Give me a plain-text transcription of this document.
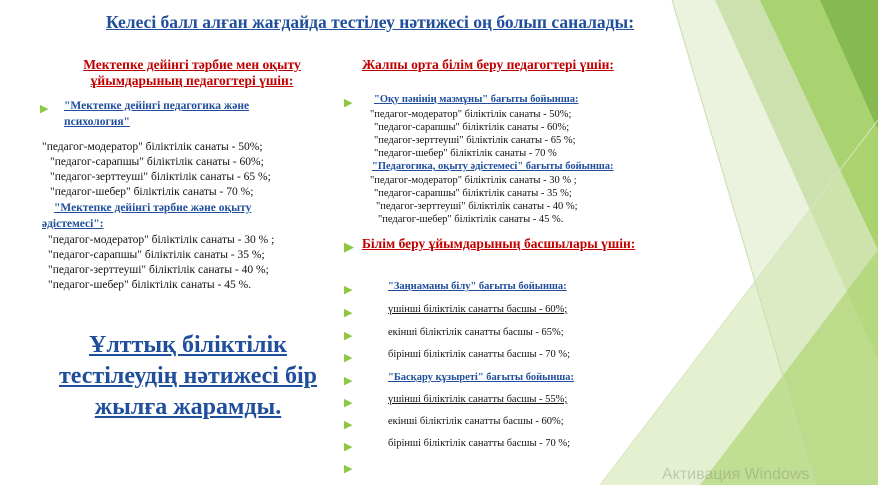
Келесі балл алған жағдайда тестілеу нәтижесі оң болып саналады:
Мектепке дейінгі тәрбие мен оқыту ұйымдарының педагогтері үшін:
▶ "Мектепке дейінгі педагогика және психология"
"педагог-модератор" біліктілік санаты - 50%;
"педагог-сарапшы" біліктілік санаты - 60%;
"педагог-зерттеуші" біліктілік санаты - 65 %;
"педагог-шебер" біліктілік санаты - 70 %;
"Мектепке дейінгі тәрбие және оқыту әдістемесі":
"педагог-модератор" біліктілік санаты - 30 % ;
"педагог-сарапшы" біліктілік санаты - 35 %;
"педагог-зерттеуші" біліктілік санаты - 40 %;
"педагог-шебер" біліктілік санаты - 45 %.
Ұлттық біліктілік тестілеудің нәтижесі бір жылға жарамды.
Жалпы орта білім беру педагогтері үшін:
▶ "Оқу пәнінің мазмұны" бағыты бойынша:
"педагог-модератор" біліктілік санаты - 50%;
"педагог-сарапшы" біліктілік санаты - 60%;
"педагог-зерттеуші" біліктілік санаты - 65 %;
"педагог-шебер" біліктілік санаты - 70 %
"Педагогика, оқыту әдістемесі" бағыты бойынша:
"педагог-модератор" біліктілік санаты - 30 % ;
"педагог-сарапшы" біліктілік санаты - 35 %;
"педагог-зерттеуші" біліктілік санаты - 40 %;
"педагог-шебер" біліктілік санаты - 45 %.
▶ Білім беру ұйымдарының басшылары үшін:
▶	"Заңнаманы білу" бағыты бойынша:
▶	үшінші біліктілік санатты басшы - 60%;
▶	екінші біліктілік санатты басшы - 65%;
▶	бірінші біліктілік санатты басшы - 70 %;
▶	"Басқару құзыреті" бағыты бойынша:
▶	үшінші біліктілік санатты басшы - 55%;
▶	екінші біліктілік санатты басшы - 60%;
▶	бірінші біліктілік санатты басшы - 70 %;
▶	Активация Windows
